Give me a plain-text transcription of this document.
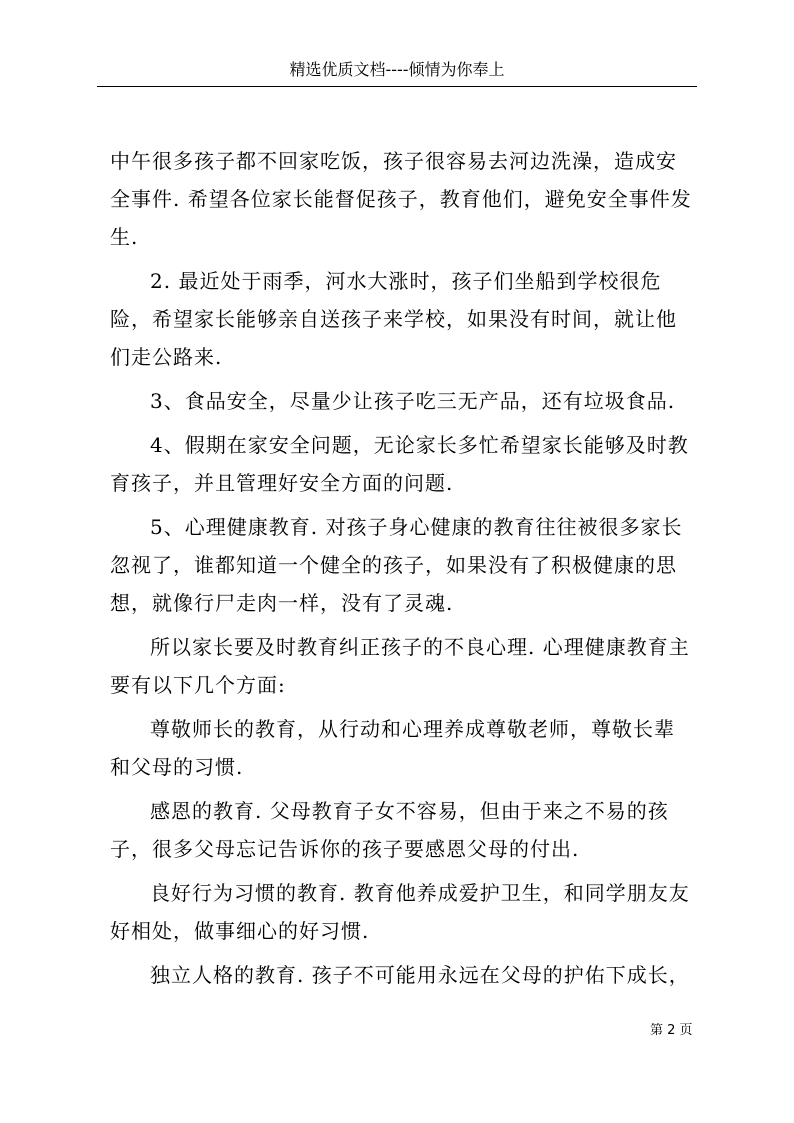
精选优质文档----倾情为你奉上

中午很多孩子都不回家吃饭，孩子很容易去河边洗澡，造成安全事件. 希望各位家长能督促孩子，教育他们，避免安全事件发生.

2. 最近处于雨季，河水大涨时，孩子们坐船到学校很危险，希望家长能够亲自送孩子来学校，如果没有时间，就让他们走公路来.

3、食品安全，尽量少让孩子吃三无产品，还有垃圾食品.

4、假期在家安全问题，无论家长多忙希望家长能够及时教育孩子，并且管理好安全方面的问题.

5、心理健康教育. 对孩子身心健康的教育往往被很多家长忽视了，谁都知道一个健全的孩子，如果没有了积极健康的思想，就像行尸走肉一样，没有了灵魂.

所以家长要及时教育纠正孩子的不良心理. 心理健康教育主要有以下几个方面:

尊敬师长的教育，从行动和心理养成尊敬老师，尊敬长辈和父母的习惯.

感恩的教育. 父母教育子女不容易，但由于来之不易的孩子，很多父母忘记告诉你的孩子要感恩父母的付出.

良好行为习惯的教育. 教育他养成爱护卫生，和同学朋友友好相处，做事细心的好习惯.

独立人格的教育. 孩子不可能用永远在父母的护佑下成长，

第 2 页
